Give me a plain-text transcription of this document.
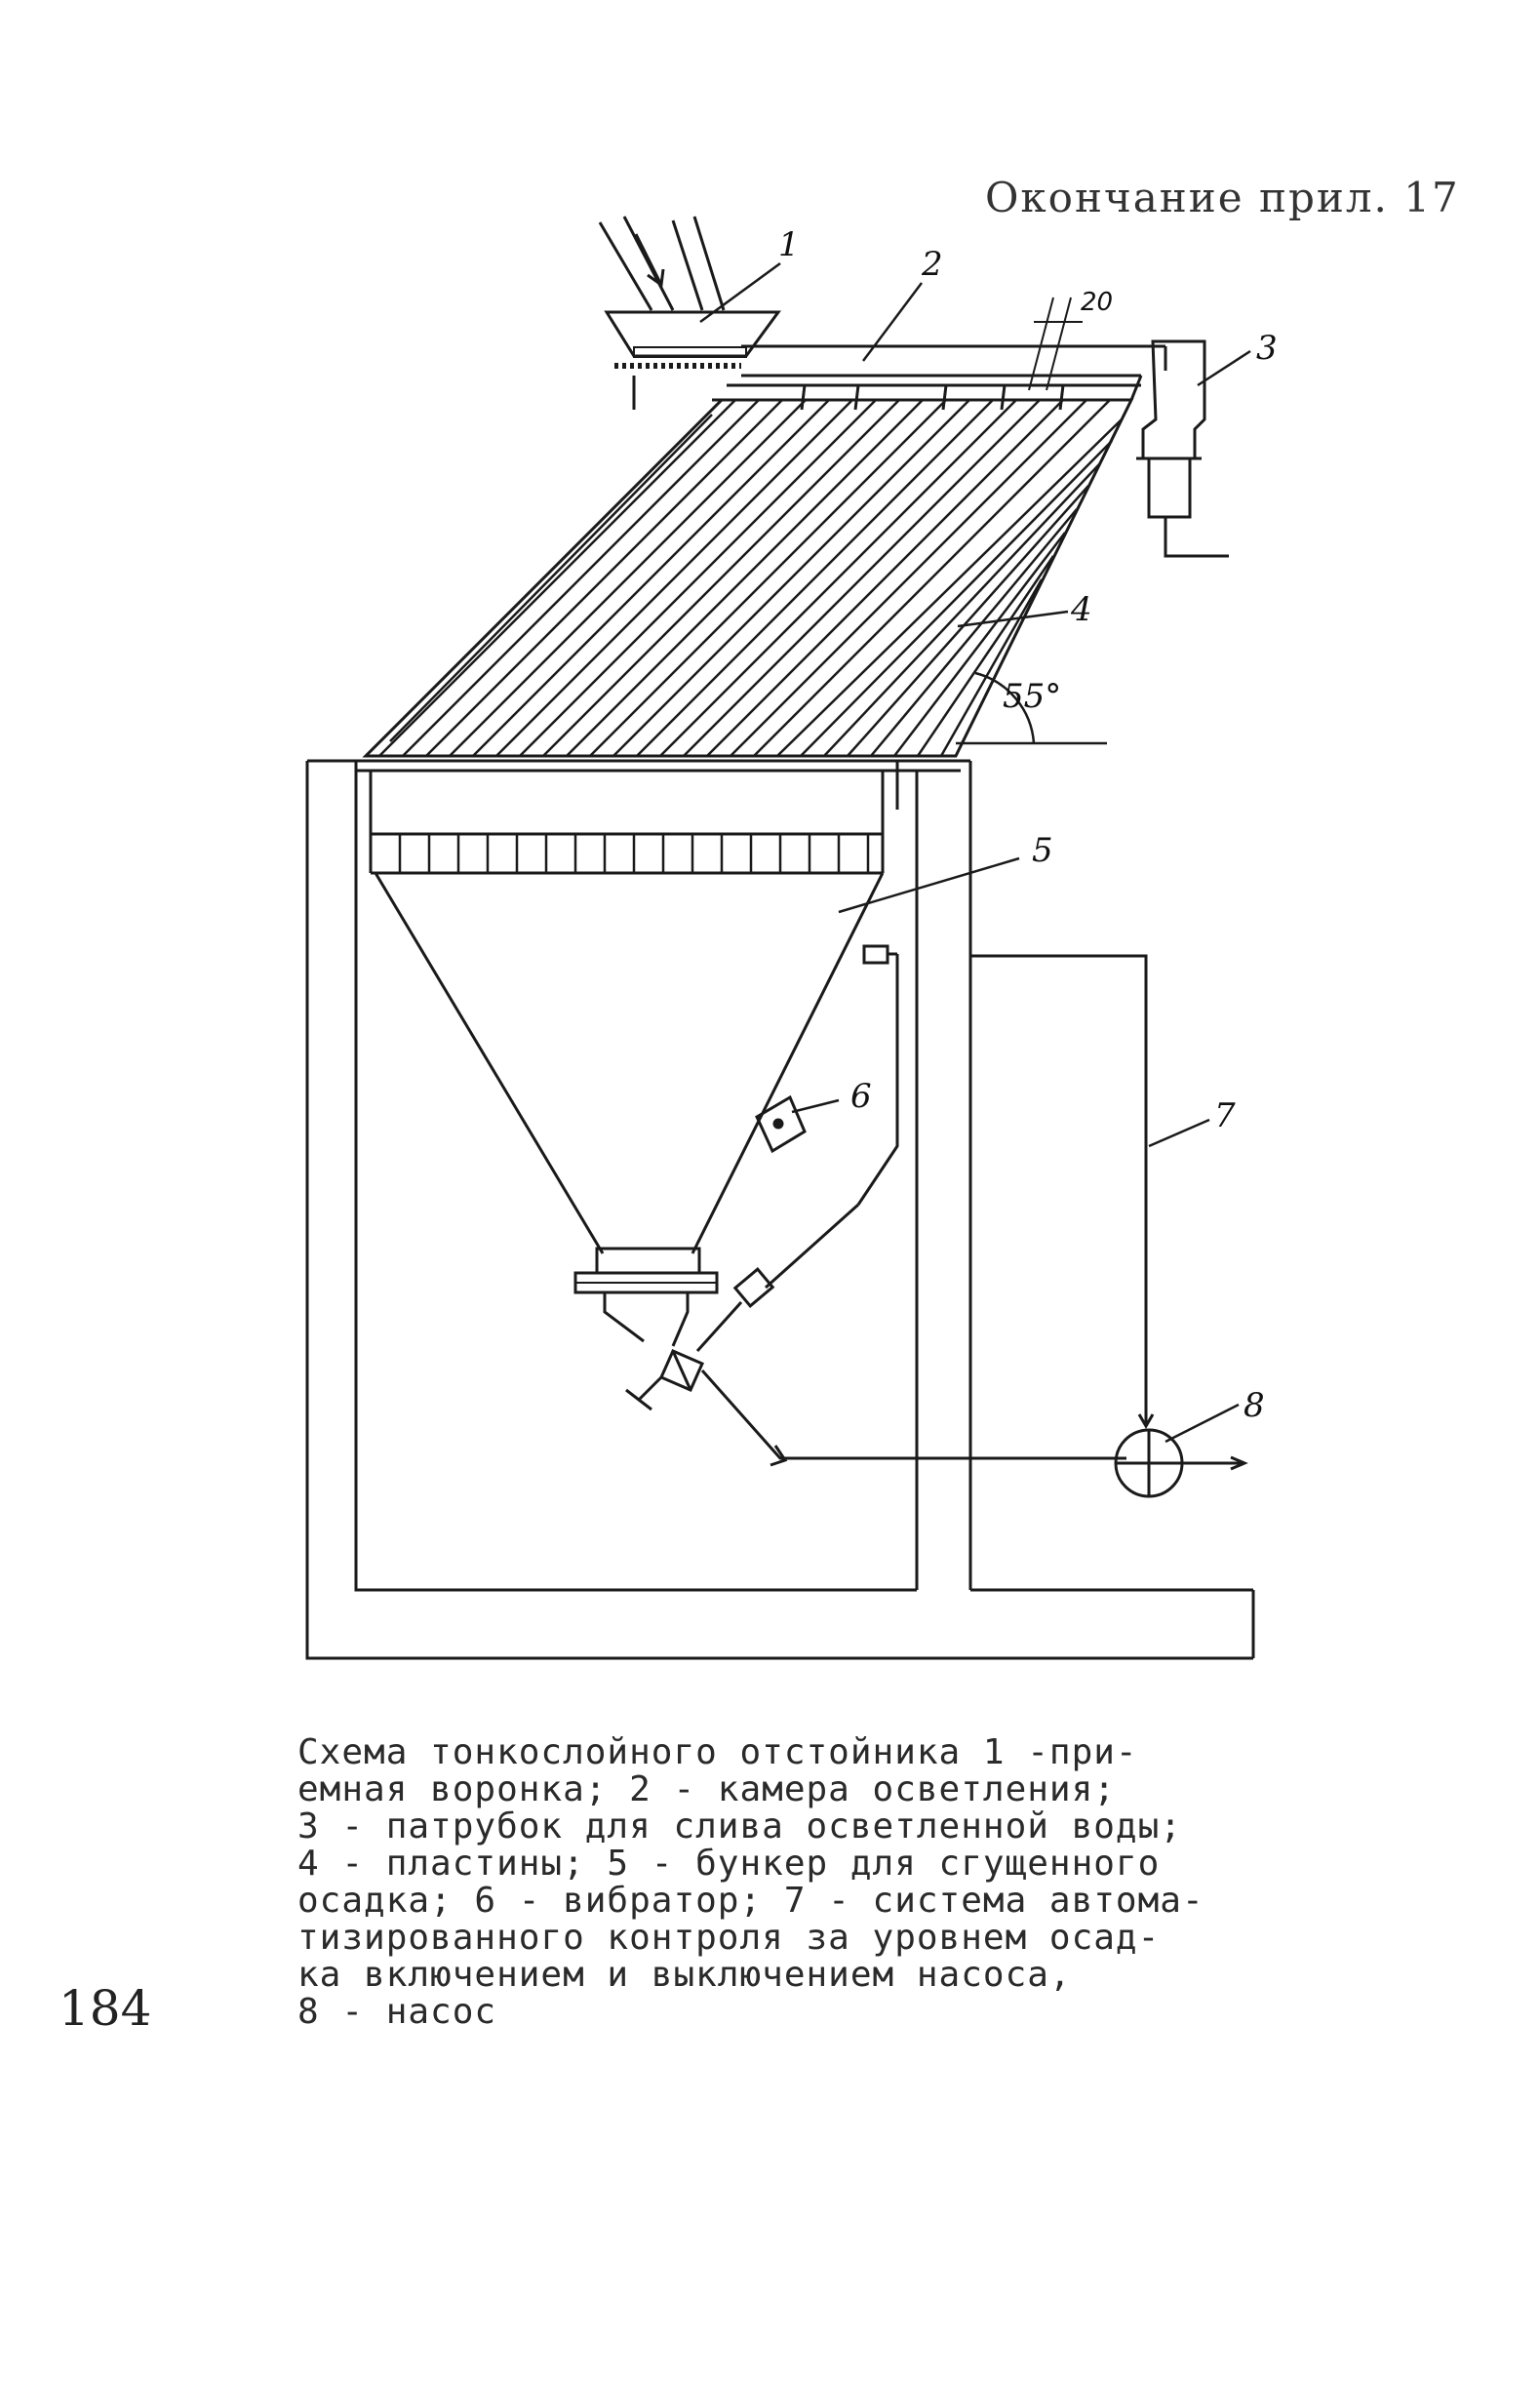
Окончание прил. 17
1	2
3
4
5
6	7
8
20
55°
Схема тонкослойного отстойника 1 -при-
емная воронка; 2 - камера осветления;
3 - патрубок для слива осветленной воды;
4 - пластины; 5 - бункер для сгущенного
осадка; 6 - вибратор; 7 - система автома-
тизированного контроля за уровнем осад-
ка включением и выключением насоса,
8 - насос
184
